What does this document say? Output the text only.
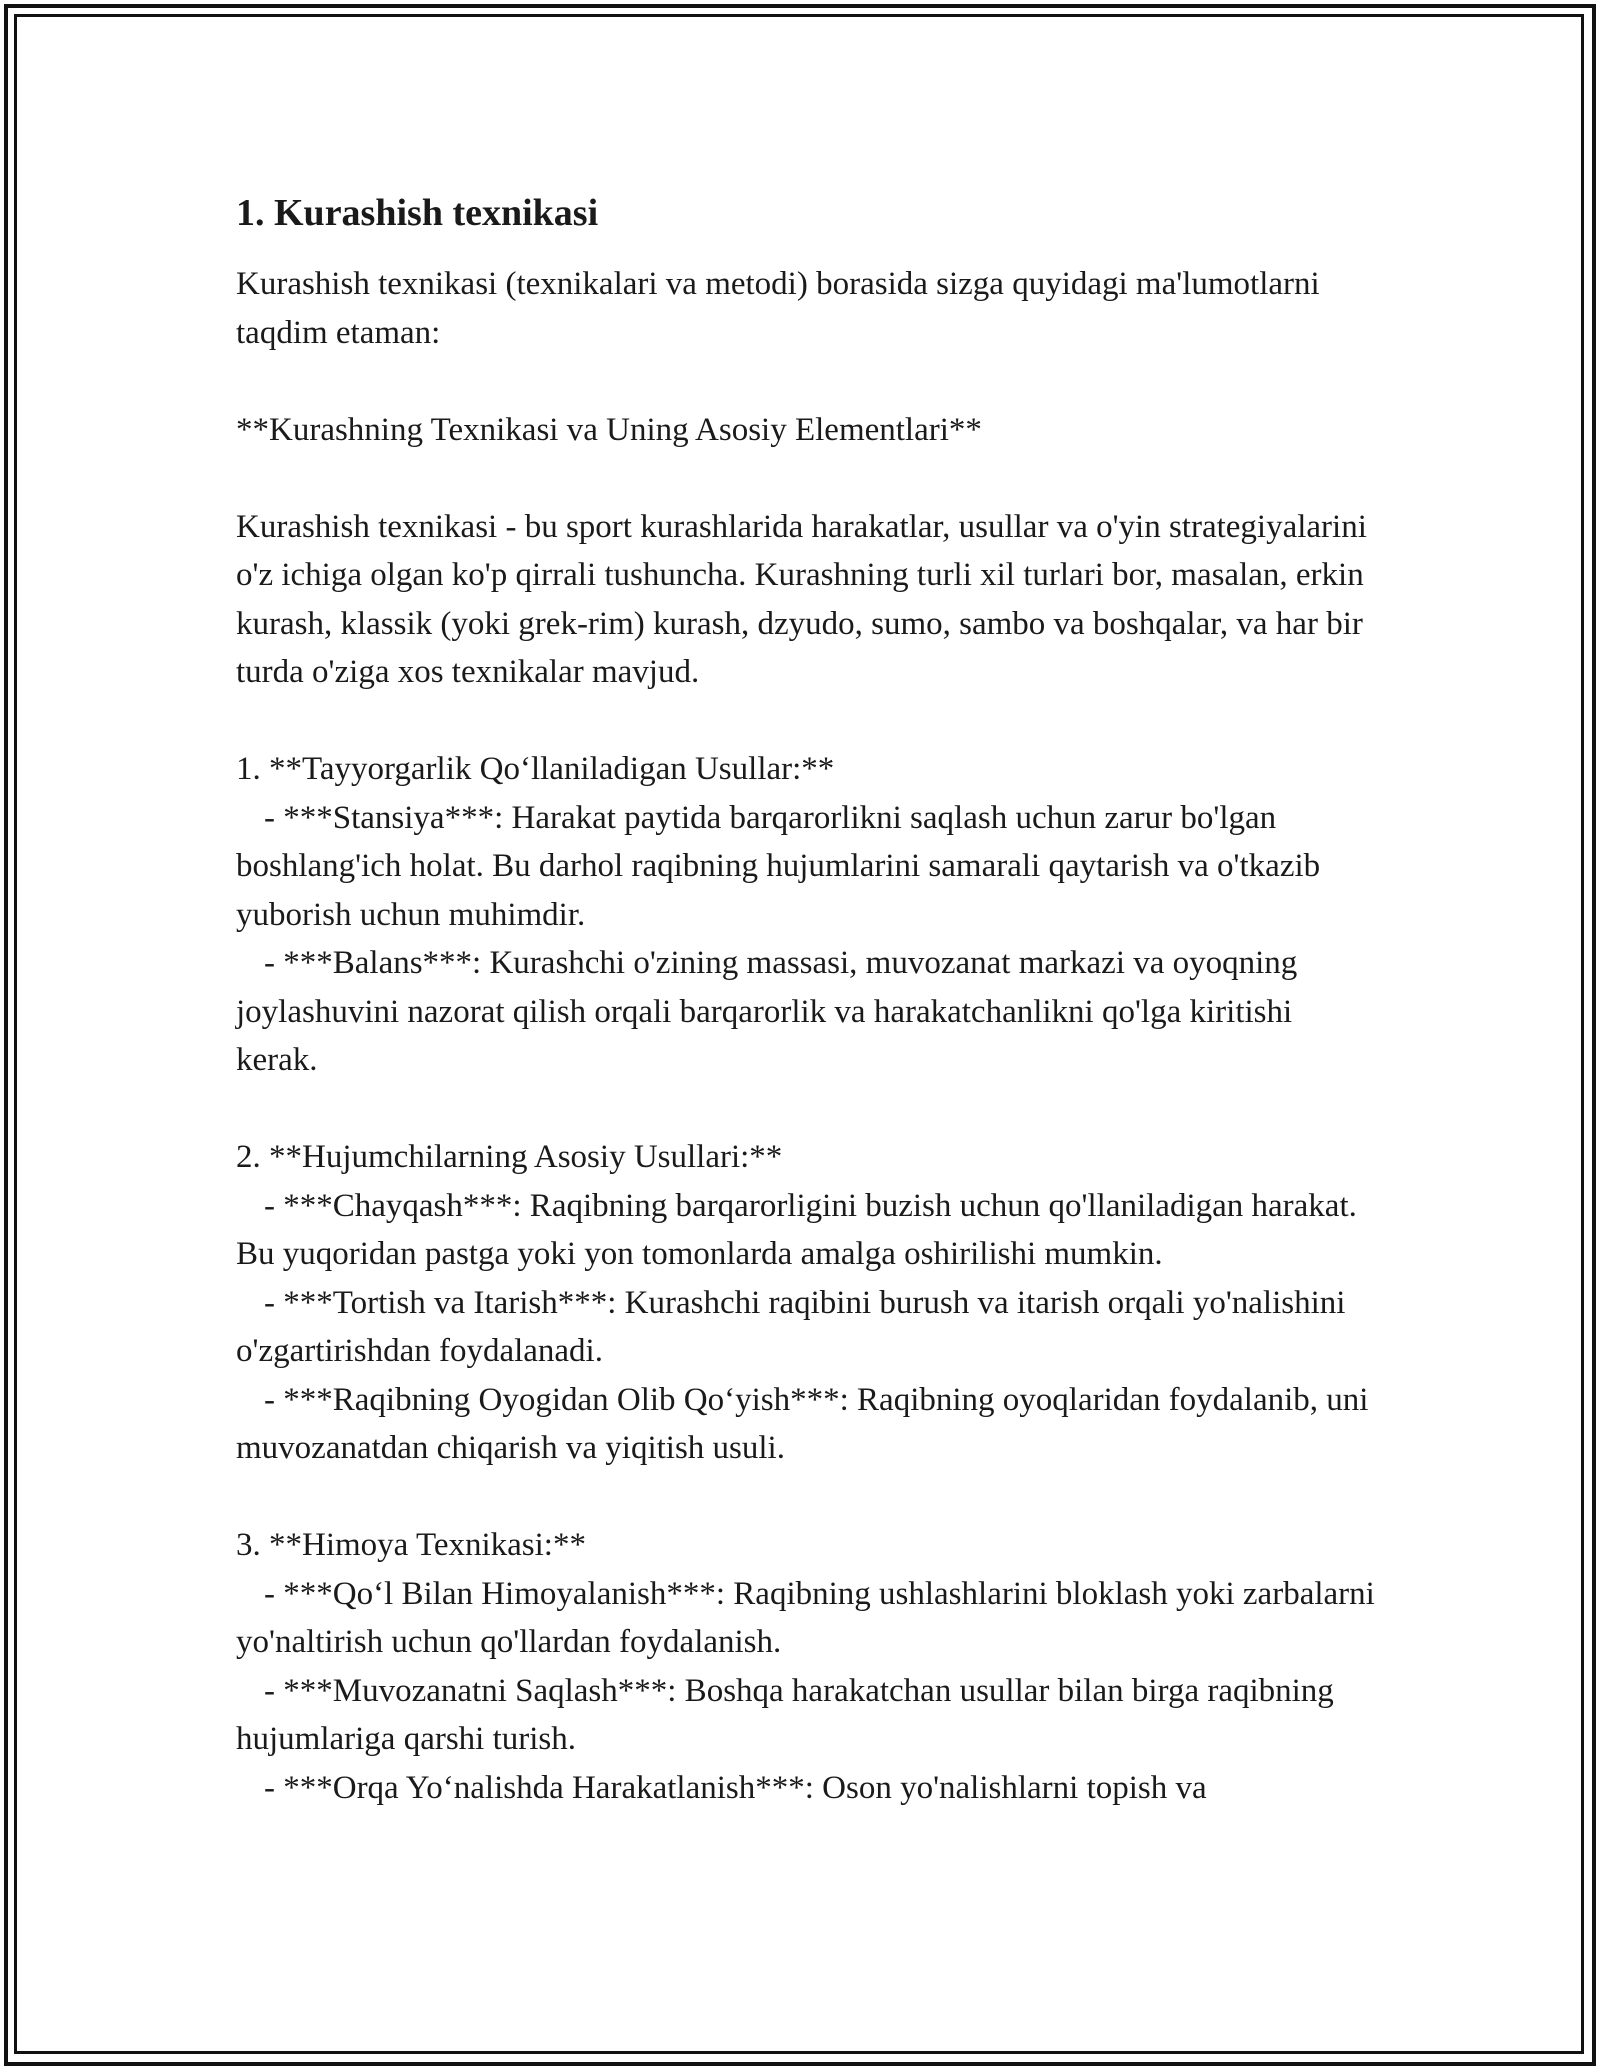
1. Kurashish texnikasi

Kurashish texnikasi (texnikalari va metodi) borasida sizga quyidagi ma'lumotlarni taqdim etaman:

**Kurashning Texnikasi va Uning Asosiy Elementlari**

Kurashish texnikasi - bu sport kurashlarida harakatlar, usullar va o'yin strategiyalarini o'z ichiga olgan ko'p qirrali tushuncha. Kurashning turli xil turlari bor, masalan, erkin kurash, klassik (yoki grek-rim) kurash, dzyudo, sumo, sambo va boshqalar, va har bir turda o'ziga xos texnikalar mavjud.

1. **Tayyorgarlik Qo‘llaniladigan Usullar:**

- ***Stansiya***: Harakat paytida barqarorlikni saqlash uchun zarur bo'lgan boshlang'ich holat. Bu darhol raqibning hujumlarini samarali qaytarish va o'tkazib yuborish uchun muhimdir.

- ***Balans***: Kurashchi o'zining massasi, muvozanat markazi va oyoqning joylashuvini nazorat qilish orqali barqarorlik va harakatchanlikni qo'lga kiritishi kerak.

2. **Hujumchilarning Asosiy Usullari:**

- ***Chayqash***: Raqibning barqarorligini buzish uchun qo'llaniladigan harakat. Bu yuqoridan pastga yoki yon tomonlarda amalga oshirilishi mumkin.

- ***Tortish va Itarish***: Kurashchi raqibini burush va itarish orqali yo'nalishini o'zgartirishdan foydalanadi.

- ***Raqibning Oyogidan Olib Qo‘yish***: Raqibning oyoqlaridan foydalanib, uni muvozanatdan chiqarish va yiqitish usuli.

3. **Himoya Texnikasi:**

- ***Qo‘l Bilan Himoyalanish***: Raqibning ushlashlarini bloklash yoki zarbalarni yo'naltirish uchun qo'llardan foydalanish.

- ***Muvozanatni Saqlash***: Boshqa harakatchan usullar bilan birga raqibning hujumlariga qarshi turish.

- ***Orqa Yo‘nalishda Harakatlanish***: Oson yo'nalishlarni topish va
